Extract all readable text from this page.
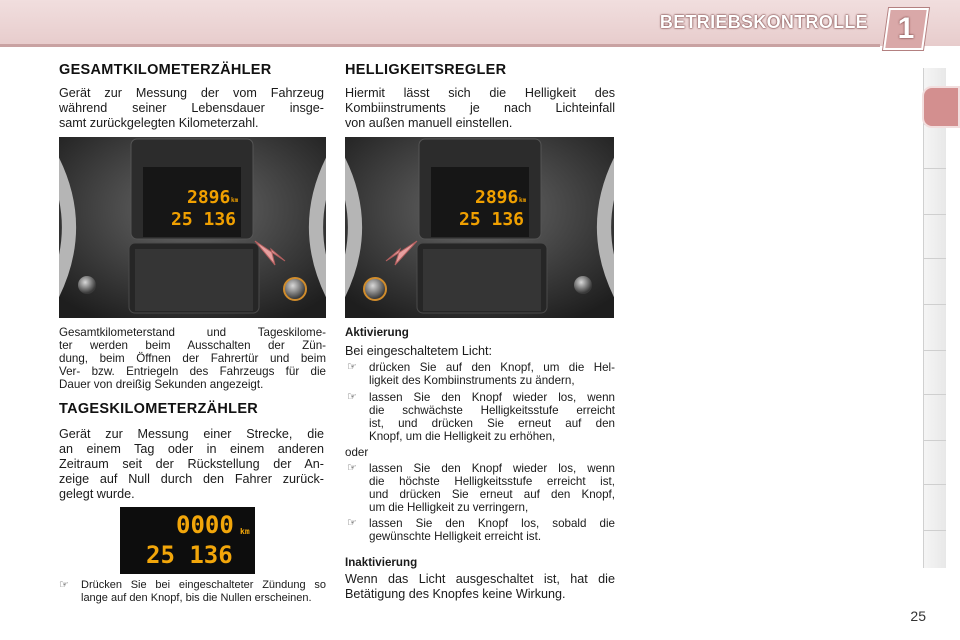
BETRIEBSKONTROLLE 1
GESAMTKILOMETERZÄHLER
Gerät zur Messung der vom Fahrzeug
während seiner Lebensdauer insge-
samt zurückgelegten Kilometerzahl.
2896 km
25 136
Gesamtkilometerstand und Tageskilome-
ter werden beim Ausschalten der Zün-
dung, beim Öffnen der Fahrertür und beim
Ver- bzw. Entriegeln des Fahrzeugs für die
Dauer von dreißig Sekunden angezeigt.
TAGESKILOMETERZÄHLER
Gerät zur Messung einer Strecke, die
an einem Tag oder in einem anderen
Zeitraum seit der Rückstellung der An-
zeige auf Null durch den Fahrer zurück-
gelegt wurde.
0000 km
25 136
☞ Drücken Sie bei eingeschalteter Zündung so
lange auf den Knopf, bis die Nullen erscheinen.
HELLIGKEITSREGLER
Hiermit lässt sich die Helligkeit des
Kombiinstruments je nach Lichteinfall
von außen manuell einstellen.
2896 km
25 136
Aktivierung
Bei eingeschaltetem Licht:
☞ drücken Sie auf den Knopf, um die Hel-
ligkeit des Kombiinstruments zu ändern,
☞ lassen Sie den Knopf wieder los, wenn
die schwächste Helligkeitsstufe erreicht
ist, und drücken Sie erneut auf den
Knopf, um die Helligkeit zu erhöhen,
oder
☞ lassen Sie den Knopf wieder los, wenn
die höchste Helligkeitsstufe erreicht ist,
und drücken Sie erneut auf den Knopf,
um die Helligkeit zu verringern,
☞ lassen Sie den Knopf los, sobald die
gewünschte Helligkeit erreicht ist.
Inaktivierung
Wenn das Licht ausgeschaltet ist, hat die
Betätigung des Knopfes keine Wirkung.
25
